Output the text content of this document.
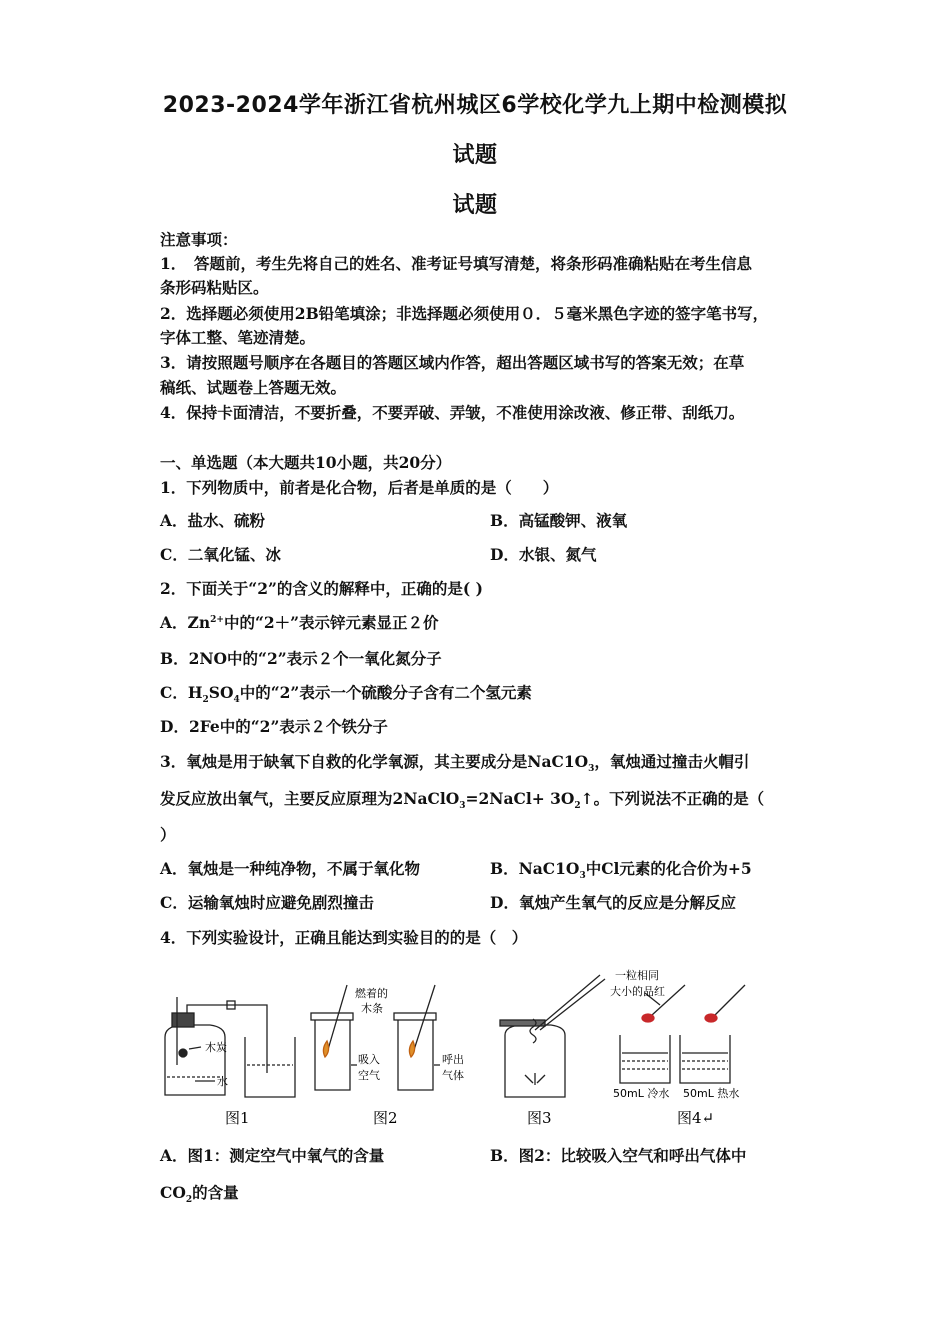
2023-2024学年浙江省杭州城区6学校化学九上期中检测模拟
试题
试题
注意事项：
1．　答题前，考生先将自己的姓名、准考证号填写清楚，将条形码准确粘贴在考生信息
条形码粘贴区。
2．选择题必须使用2B铅笔填涂；非选择题必须使用０．５毫米黑色字迹的签字笔书写，
字体工整、笔迹清楚。
3．请按照题号顺序在各题目的答题区域内作答，超出答题区域书写的答案无效；在草
稿纸、试题卷上答题无效。
4．保持卡面清洁，不要折叠，不要弄破、弄皱，不准使用涂改液、修正带、刮纸刀。
一、单选题（本大题共10小题，共20分）
1．下列物质中，前者是化合物，后者是单质的是（　　）
A．盐水、硫粉	B．高锰酸钾、液氧
C．二氧化锰、冰	D．水银、氮气
2．下面关于“2”的含义的解释中，正确的是( )
A．$Zn^{2+}$中的“2＋”表示锌元素显正２价
B．2NO中的“2”表示２个一氧化氮分子
C．$H_2SO_4$中的“2”表示一个硫酸分子含有二个氢元素
D．2Fe中的“2”表示２个铁分子
3．氧烛是用于缺氧下自救的化学氧源，其主要成分是$NaC1O_3$，氧烛通过撞击火帽引
发反应放出氧气，主要反应原理为2NaClO$_3$=2NaCl+ $3O_2↑$。下列说法不正确的是（
）
A．氧烛是一种纯净物，不属于氧化物	B．$NaC1O_3$中Cl元素的化合价为+5
C．运输氧烛时应避免剧烈撞击	D．氧烛产生氧气的反应是分解反应
4．下列实验设计，正确且能达到实验目的的是（　）
木炭
水
燃着的
木条
吸入
空气
呼出
气体
一粒相同
大小的品红
50mL 冷水 50mL 热水
图1	图2	图3	图4↵
A．图1：测定空气中氧气的含量	B．图2：比较吸入空气和呼出气体中
$CO_2$的含量
